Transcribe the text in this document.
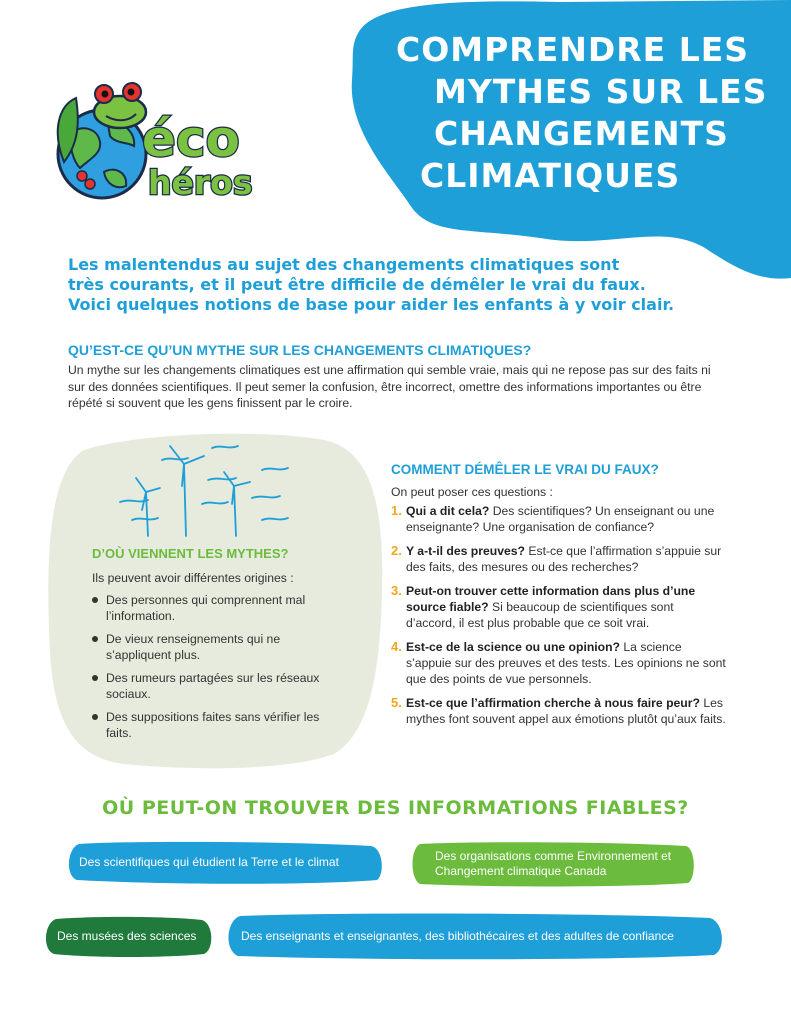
COMPRENDRE LES
MYTHES SUR LES
CHANGEMENTS
CLIMATIQUES
éco
héros
Les malentendus au sujet des changements climatiques sont
très courants, et il peut être difficile de démêler le vrai du faux.
Voici quelques notions de base pour aider les enfants à y voir clair.
QU’EST-CE QU’UN MYTHE SUR LES CHANGEMENTS CLIMATIQUES?
Un mythe sur les changements climatiques est une affirmation qui semble vraie, mais qui ne repose pas sur des faits ni sur des données scientifiques. Il peut semer la confusion, être incorrect, omettre des informations importantes ou être répété si souvent que les gens finissent par le croire.
D’OÙ VIENNENT LES MYTHES?
Ils peuvent avoir différentes origines :
Des personnes qui comprennent mal l’information.
De vieux renseignements qui ne s’appliquent plus.
Des rumeurs partagées sur les réseaux sociaux.
Des suppositions faites sans vérifier les faits.
COMMENT DÉMÊLER LE VRAI DU FAUX?
On peut poser ces questions :
1. Qui a dit cela? Des scientifiques? Un enseignant ou une enseignante? Une organisation de confiance?
2. Y a-t-il des preuves? Est-ce que l’affirmation s’appuie sur des faits, des mesures ou des recherches?
3. Peut-on trouver cette information dans plus d’une source fiable? Si beaucoup de scientifiques sont d’accord, il est plus probable que ce soit vrai.
4. Est-ce de la science ou une opinion? La science s’appuie sur des preuves et des tests. Les opinions ne sont que des points de vue personnels.
5. Est-ce que l’affirmation cherche à nous faire peur? Les mythes font souvent appel aux émotions plutôt qu’aux faits.
OÙ PEUT-ON TROUVER DES INFORMATIONS FIABLES?
Des scientifiques qui étudient la Terre et le climat	Des organisations comme Environnement et Changement climatique Canada
Des musées des sciences	Des enseignants et enseignantes, des bibliothécaires et des adultes de confiance
